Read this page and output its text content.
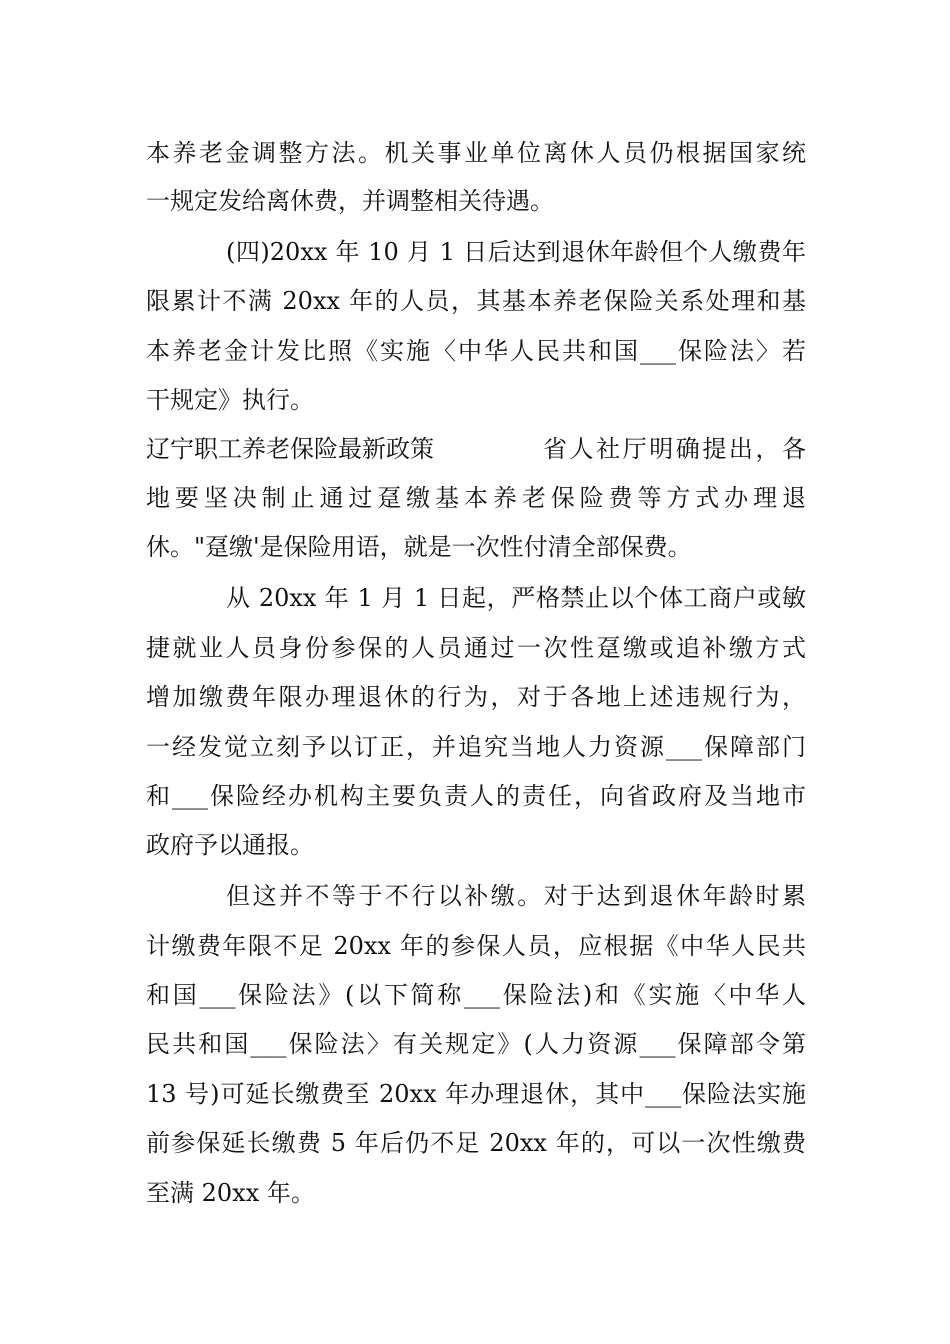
本养老金调整方法。机关事业单位离休人员仍根据国家统
一规定发给离休费，并调整相关待遇。
(四)20xx 年 10 月 1 日后达到退休年龄但个人缴费年
限累计不满 20xx 年的人员，其基本养老保险关系处理和基
本养老金计发比照《实施〈中华人民共和国___保险法〉若
干规定》执行。
辽宁职工养老保险最新政策	省人社厅明确提出，各
地要坚决制止通过趸缴基本养老保险费等方式办理退
休。"趸缴'是保险用语，就是一次性付清全部保费。
从 20xx 年 1 月 1 日起，严格禁止以个体工商户或敏
捷就业人员身份参保的人员通过一次性趸缴或追补缴方式
增加缴费年限办理退休的行为，对于各地上述违规行为，
一经发觉立刻予以订正，并追究当地人力资源___保障部门
和___保险经办机构主要负责人的责任，向省政府及当地市
政府予以通报。
但这并不等于不行以补缴。对于达到退休年龄时累
计缴费年限不足 20xx 年的参保人员，应根据《中华人民共
和国___保险法》(以下简称___保险法)和《实施〈中华人
民共和国___保险法〉有关规定》(人力资源___保障部令第
13 号)可延长缴费至 20xx 年办理退休，其中___保险法实施
前参保延长缴费 5 年后仍不足 20xx 年的，可以一次性缴费
至满 20xx 年。
